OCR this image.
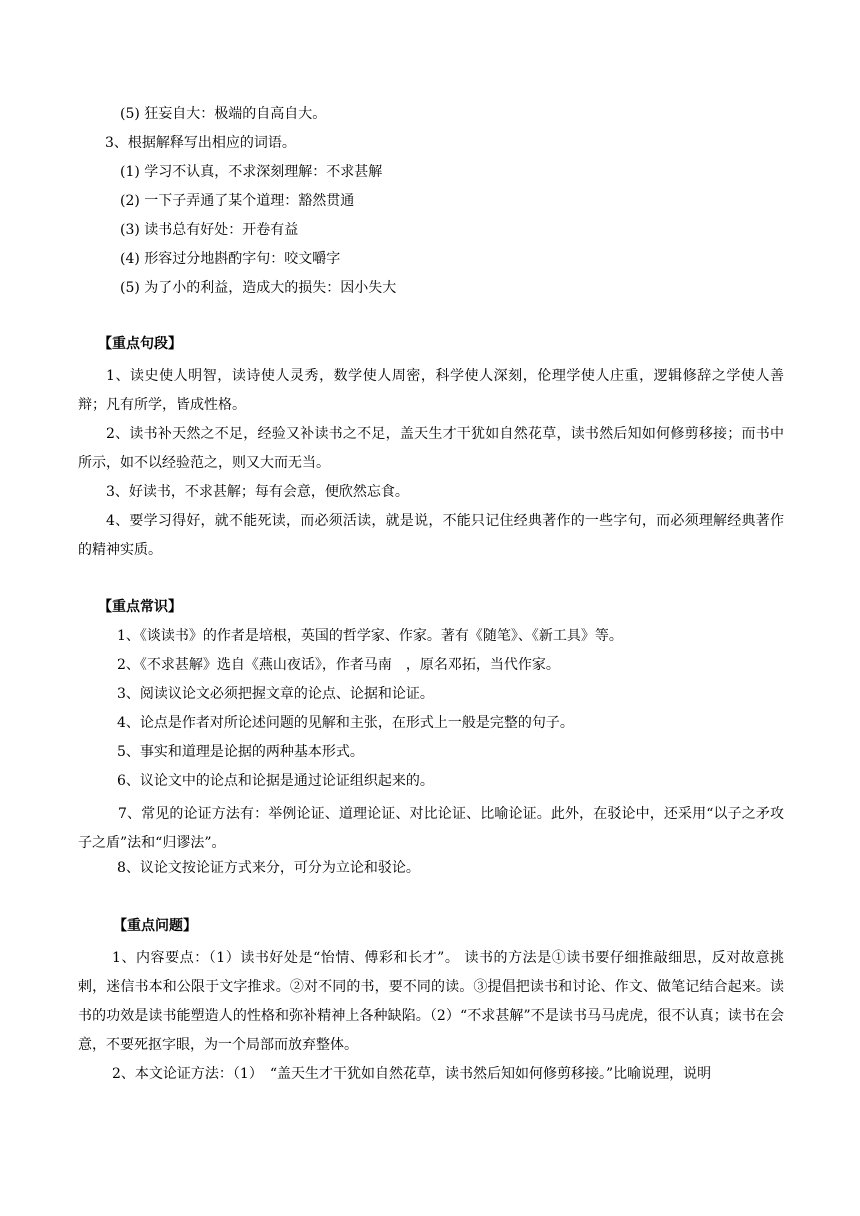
(5) 狂妄自大：极端的自高自大。
3、根据解释写出相应的词语。
(1) 学习不认真，不求深刻理解：不求甚解
(2) 一下子弄通了某个道理：豁然贯通
(3) 读书总有好处：开卷有益
(4) 形容过分地斟酌字句：咬文嚼字
(5) 为了小的利益，造成大的损失：因小失大
【重点句段】
1、读史使人明智，读诗使人灵秀，数学使人周密，科学使人深刻，伦理学使人庄重，逻辑修辞之学使人善辩；凡有所学，皆成性格。
2、读书补天然之不足，经验又补读书之不足，盖天生才干犹如自然花草，读书然后知如何修剪移接；而书中所示，如不以经验范之，则又大而无当。
3、好读书，不求甚解；每有会意，便欣然忘食。
4、要学习得好，就不能死读，而必须活读，就是说，不能只记住经典著作的一些字句，而必须理解经典著作的精神实质。
【重点常识】
1、《谈读书》的作者是培根，英国的哲学家、作家。著有《随笔》、《新工具》等。
2、《不求甚解》选自《燕山夜话》，作者马南　，原名邓拓，当代作家。
3、阅读议论文必须把握文章的论点、论据和论证。
4、论点是作者对所论述问题的见解和主张，在形式上一般是完整的句子。
5、事实和道理是论据的两种基本形式。
6、议论文中的论点和论据是通过论证组织起来的。
7、常见的论证方法有：举例论证、道理论证、对比论证、比喻论证。此外，在驳论中，还采用“以子之矛攻子之盾”法和“归谬法”。
8、议论文按论证方式来分，可分为立论和驳论。
【重点问题】
1、内容要点：（1）读书好处是“怡情、傅彩和长才”。 读书的方法是①读书要仔细推敲细思，反对故意挑剌，迷信书本和公限于文字推求。②对不同的书，要不同的读。③提倡把读书和讨论、作文、做笔记结合起来。读书的功效是读书能塑造人的性格和弥补精神上各种缺陷。（2）“不求甚解”不是读书马马虎虎，很不认真；读书在会意，不要死抠字眼，为一个局部而放弃整体。
2、本文论证方法：（1）　“盖天生才干犹如自然花草，读书然后知如何修剪移接。”比喻说理，说明
